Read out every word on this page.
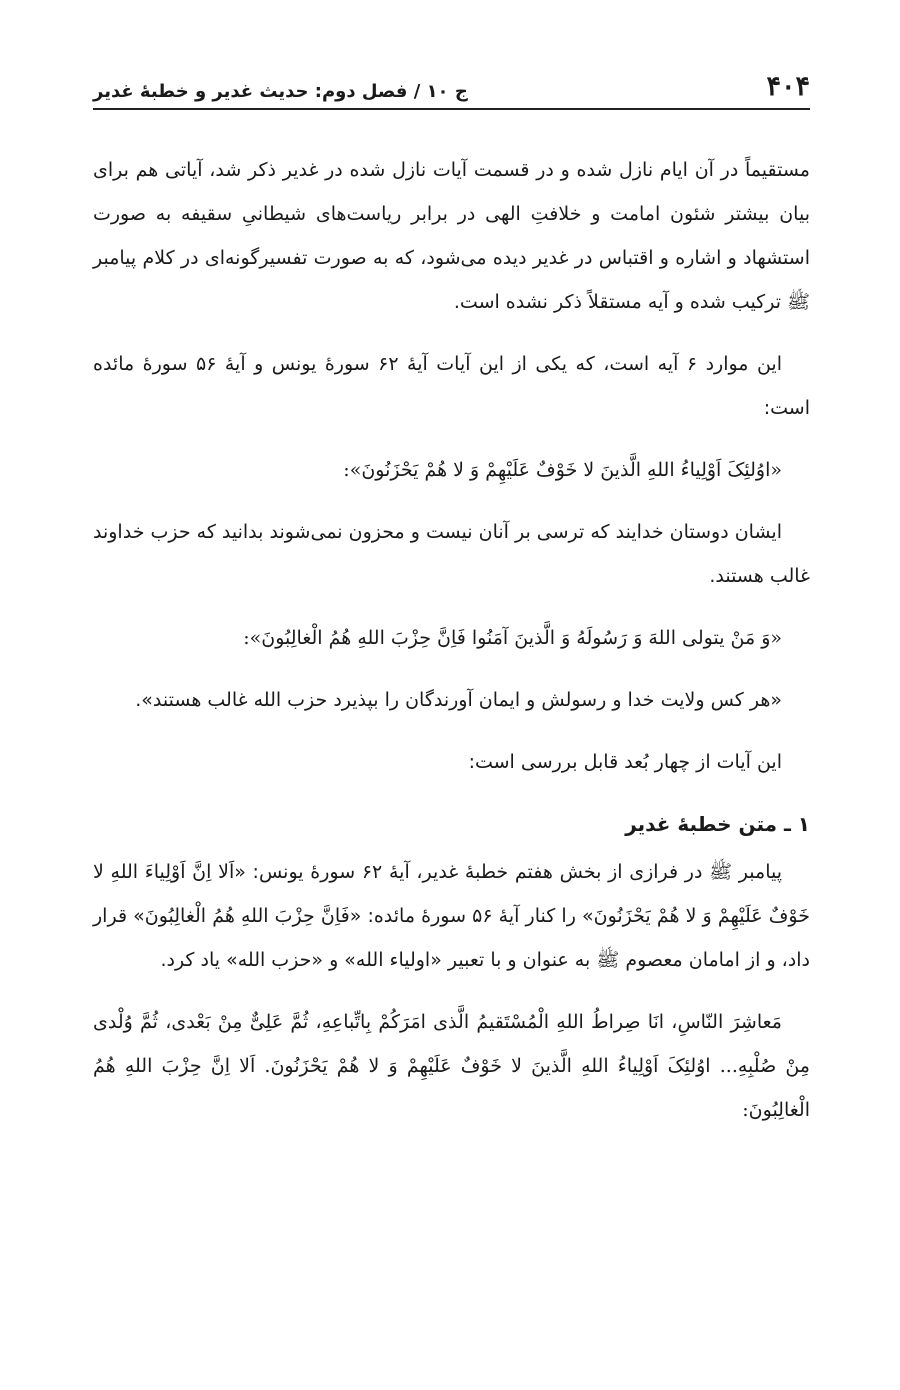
۴۰۴
ج ۱۰ / فصل دوم: حدیث غدیر و خطبهٔ غدیر

مستقیماً در آن ایام نازل شده و در قسمت آیات نازل شده در غدیر ذکر شد، آیاتی هم برای بیان بیشتر شئون امامت و خلافتِ الهی در برابر ریاست‌های شیطانیِ سقیفه به صورت استشهاد و اشاره و اقتباس در غدیر دیده می‌شود، که به صورت تفسیرگونه‌ای در کلام پیامبر ﷺ ترکیب شده و آیه مستقلاً ذکر نشده است.

این موارد ۶ آیه است، که یکی از این آیات آیهٔ ۶۲ سورهٔ یونس و آیهٔ ۵۶ سورهٔ مائده است:

«اوُلئِکَ اَوْلِیاءُ اللهِ الَّذینَ لا خَوْفٌ عَلَیْهِمْ وَ لا هُمْ یَحْزَنُونَ»:

ایشان دوستان خدایند که ترسی بر آنان نیست و محزون نمی‌شوند بدانید که حزب خداوند غالب هستند.

«وَ مَنْ یتولی اللهَ وَ رَسُولَهُ وَ الَّذینَ آمَنُوا فَاِنَّ حِزْبَ اللهِ هُمُ الْغالِبُونَ»:

«هر کس ولایت خدا و رسولش و ایمان آورندگان را بپذیرد حزب الله غالب هستند».

این آیات از چهار بُعد قابل بررسی است:

۱ ـ متن خطبهٔ غدیر

پیامبر ﷺ در فرازی از بخش هفتم خطبهٔ غدیر، آیهٔ ۶۲ سورهٔ یونس: «اَلا اِنَّ اَوْلِیاءَ اللهِ لا خَوْفٌ عَلَیْهِمْ وَ لا هُمْ یَحْزَنُونَ» را کنار آیهٔ ۵۶ سورهٔ مائده: «فَاِنَّ حِزْبَ اللهِ هُمُ الْغالِبُونَ» قرار داد، و از امامان معصوم ﷺ به عنوان و با تعبیر «اولیاء الله» و «حزب الله» یاد کرد.

مَعاشِرَ النّاسِ، انَا صِراطُ اللهِ الْمُسْتَقیمُ الَّذی امَرَکُمْ بِاتِّباعِهِ، ثُمَّ عَلِیٌّ مِنْ بَعْدی، ثُمَّ وُلْدی مِنْ صُلْبِهِ... اوُلئِکَ اَوْلِیاءُ اللهِ الَّذینَ لا خَوْفٌ عَلَیْهِمْ وَ لا هُمْ یَحْزَنُونَ. اَلا اِنَّ حِزْبَ اللهِ هُمُ الْغالِبُونَ:
